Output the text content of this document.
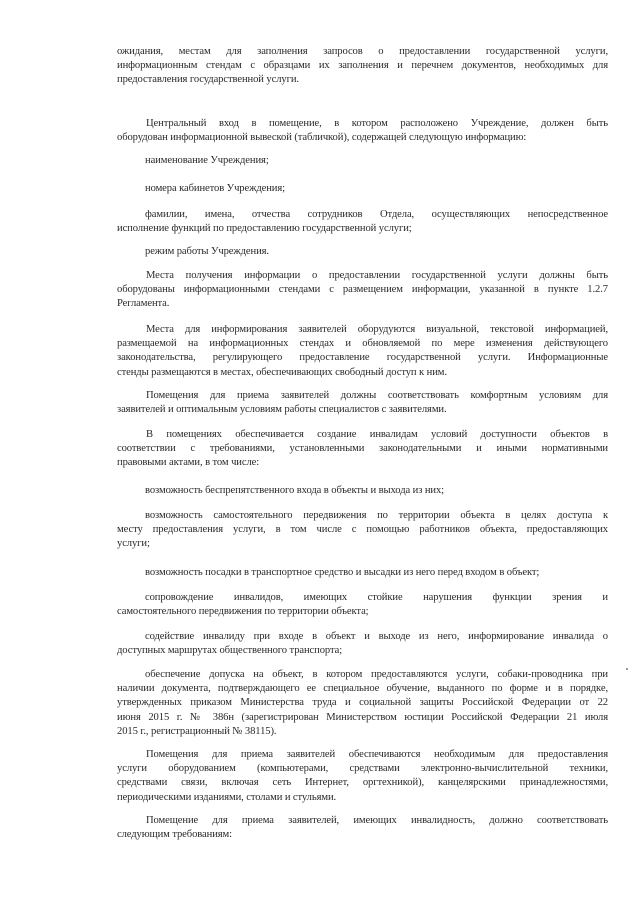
ожидания, местам для заполнения запросов о предоставлении государственной услуги,
информационным стендам с образцами их заполнения и перечнем документов, необходимых для
предоставления государственной услуги.
Центральный вход в помещение, в котором расположено Учреждение, должен быть
оборудован информационной вывеской (табличкой), содержащей следующую информацию:
наименование Учреждения;
номера кабинетов Учреждения;
фамилии, имена, отчества сотрудников Отдела, осуществляющих непосредственное
исполнение функций по предоставлению государственной услуги;
режим работы Учреждения.
Места получения информации о предоставлении государственной услуги должны быть
оборудованы информационными стендами с размещением информации, указанной в пункте 1.2.7
Регламента.
Места для информирования заявителей оборудуются визуальной, текстовой информацией,
размещаемой на информационных стендах и обновляемой по мере изменения действующего
законодательства, регулирующего предоставление государственной услуги. Информационные
стенды размещаются в местах, обеспечивающих свободный доступ к ним.
Помещения для приема заявителей должны соответствовать комфортным условиям для
заявителей и оптимальным условиям работы специалистов с заявителями.
В помещениях обеспечивается создание инвалидам условий доступности объектов в
соответствии с требованиями, установленными законодательными и иными нормативными
правовыми актами, в том числе:
возможность беспрепятственного входа в объекты и выхода из них;
возможность самостоятельного передвижения по территории объекта в целях доступа к
месту предоставления услуги, в том числе с помощью работников объекта, предоставляющих
услуги;
возможность посадки в транспортное средство и высадки из него перед входом в объект;
сопровождение инвалидов, имеющих стойкие нарушения функции зрения и
самостоятельного передвижения по территории объекта;
содействие инвалиду при входе в объект и выходе из него, информирование инвалида о
доступных маршрутах общественного транспорта;
обеспечение допуска на объект, в котором предоставляются услуги, собаки-проводника при
наличии документа, подтверждающего ее специальное обучение, выданного по форме и в порядке,
утвержденных приказом Министерства труда и социальной защиты Российской Федерации от 22
июня 2015 г. № 386н (зарегистрирован Министерством юстиции Российской Федерации 21 июля
2015 г., регистрационный № 38115).
Помещения для приема заявителей обеспечиваются необходимым для предоставления
услуги оборудованием (компьютерами, средствами электронно-вычислительной техники,
средствами связи, включая сеть Интернет, оргтехникой), канцелярскими принадлежностями,
периодическими изданиями, столами и стульями.
Помещение для приема заявителей, имеющих инвалидность, должно соответствовать
следующим требованиям:
